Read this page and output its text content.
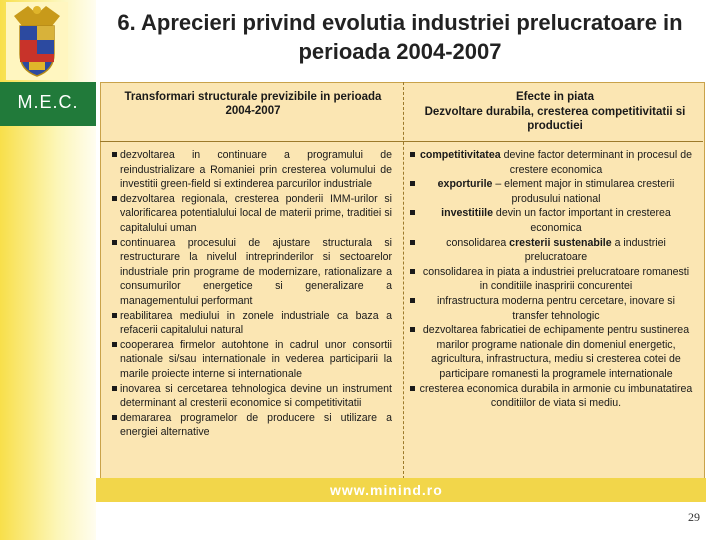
M.E.C.
6. Aprecieri privind evolutia industriei prelucratoare in perioada 2004-2007
Transformari structurale previzibile in perioada 2004-2007
Efecte in piata
Dezvoltare durabila, cresterea competitivitatii si productiei
dezvoltarea in continuare a programului de reindustrializare a Romaniei prin cresterea volumului de investitii green-field si extinderea parcurilor industriale
dezvoltarea regionala, cresterea ponderii IMM-urilor si valorificarea potentialului local de materii prime, traditiei si capitalului uman
continuarea procesului de ajustare structurala si restructurare la nivelul intreprinderilor si sectoarelor industriale prin programe de modernizare, rationalizare a consumurilor energetice si generalizare a managementului performant
reabilitarea mediului in zonele industriale ca baza a refacerii capitalului natural
cooperarea firmelor autohtone in cadrul unor consortii nationale si/sau internationale in vederea participarii la marile proiecte interne si internationale
inovarea si cercetarea tehnologica devine un instrument determinant al cresterii economice si competitivitatii
demararea programelor de producere si utilizare a energiei alternative
competitivitatea devine factor determinant in procesul de crestere economica
exporturile – element major in stimularea cresterii produsului national
investitiile devin un factor important in cresterea economica
consolidarea cresterii sustenabile a industriei prelucratoare
consolidarea in piata a industriei prelucratoare romanesti in conditiile inaspririi concurentei
infrastructura moderna pentru cercetare, inovare si transfer tehnologic
dezvoltarea fabricatiei de echipamente pentru sustinerea marilor programe nationale din domeniul energetic, agricultura, infrastructura, mediu si cresterea cotei de participare romanesti la programele internationale
cresterea economica durabila in armonie cu imbunatatirea conditiilor de viata si mediu.
www.minind.ro
29
